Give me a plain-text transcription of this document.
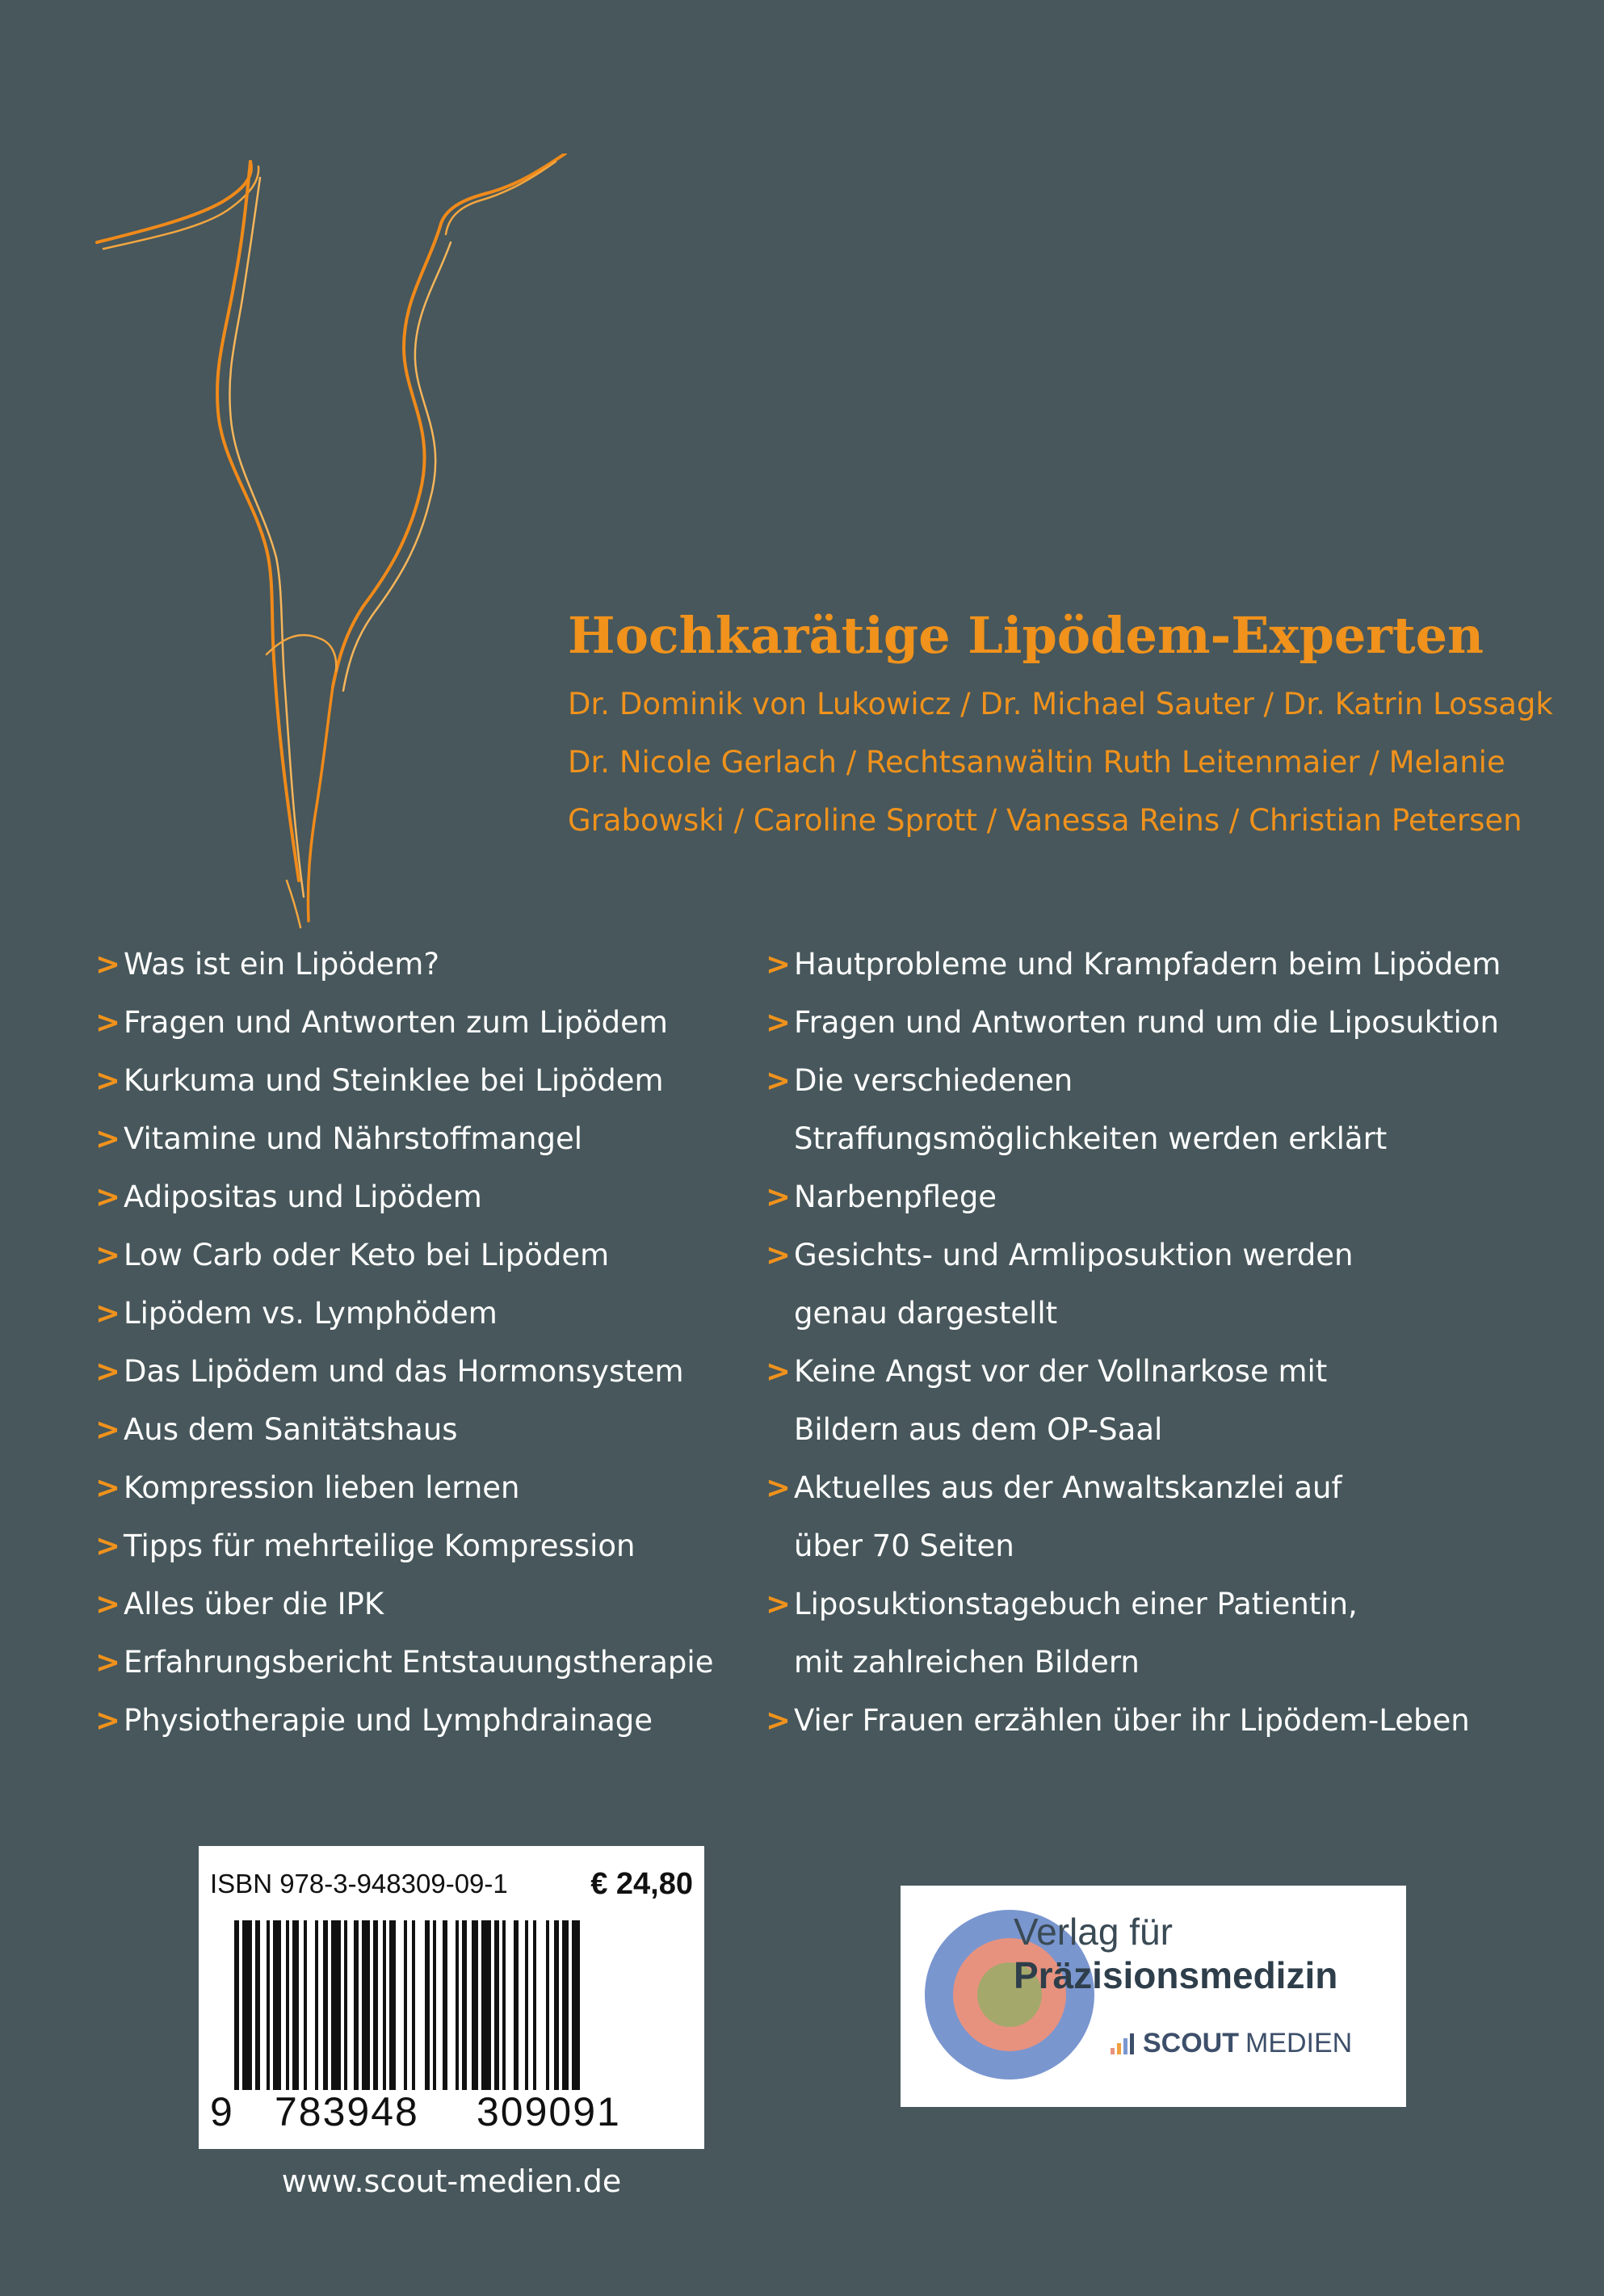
Hochkarätige Lipödem-Experten
Dr. Dominik von Lukowicz / Dr. Michael Sauter / Dr. Katrin Lossagk Dr. Nicole Gerlach / Rechtsanwältin Ruth Leitenmaier / Melanie Grabowski / Caroline Sprott / Vanessa Reins / Christian Petersen
> Was ist ein Lipödem?
> Fragen und Antworten zum Lipödem
> Kurkuma und Steinklee bei Lipödem
> Vitamine und Nährstoffmangel
> Adipositas und Lipödem
> Low Carb oder Keto bei Lipödem
> Lipödem vs. Lymphödem
> Das Lipödem und das Hormonsystem
> Aus dem Sanitätshaus
> Kompression lieben lernen
> Tipps für mehrteilige Kompression
> Alles über die IPK
> Erfahrungsbericht Entstauungstherapie
> Physiotherapie und Lymphdrainage
> Hautprobleme und Krampfadern beim Lipödem
> Fragen und Antworten rund um die Liposuktion
> Die verschiedenen Straffungsmöglichkeiten werden erklärt
> Narbenpflege
> Gesichts- und Armliposuktion werden genau dargestellt
> Keine Angst vor der Vollnarkose mit Bildern aus dem OP-Saal
> Aktuelles aus der Anwaltskanzlei auf über 70 Seiten
> Liposuktionstagebuch einer Patientin, mit zahlreichen Bildern
> Vier Frauen erzählen über ihr Lipödem-Leben
ISBN 978-3-948309-09-1	€ 24,80
9 783948 309091
www.scout-medien.de
Verlag für
Präzisionsmedizin
SCOUT MEDIEN
